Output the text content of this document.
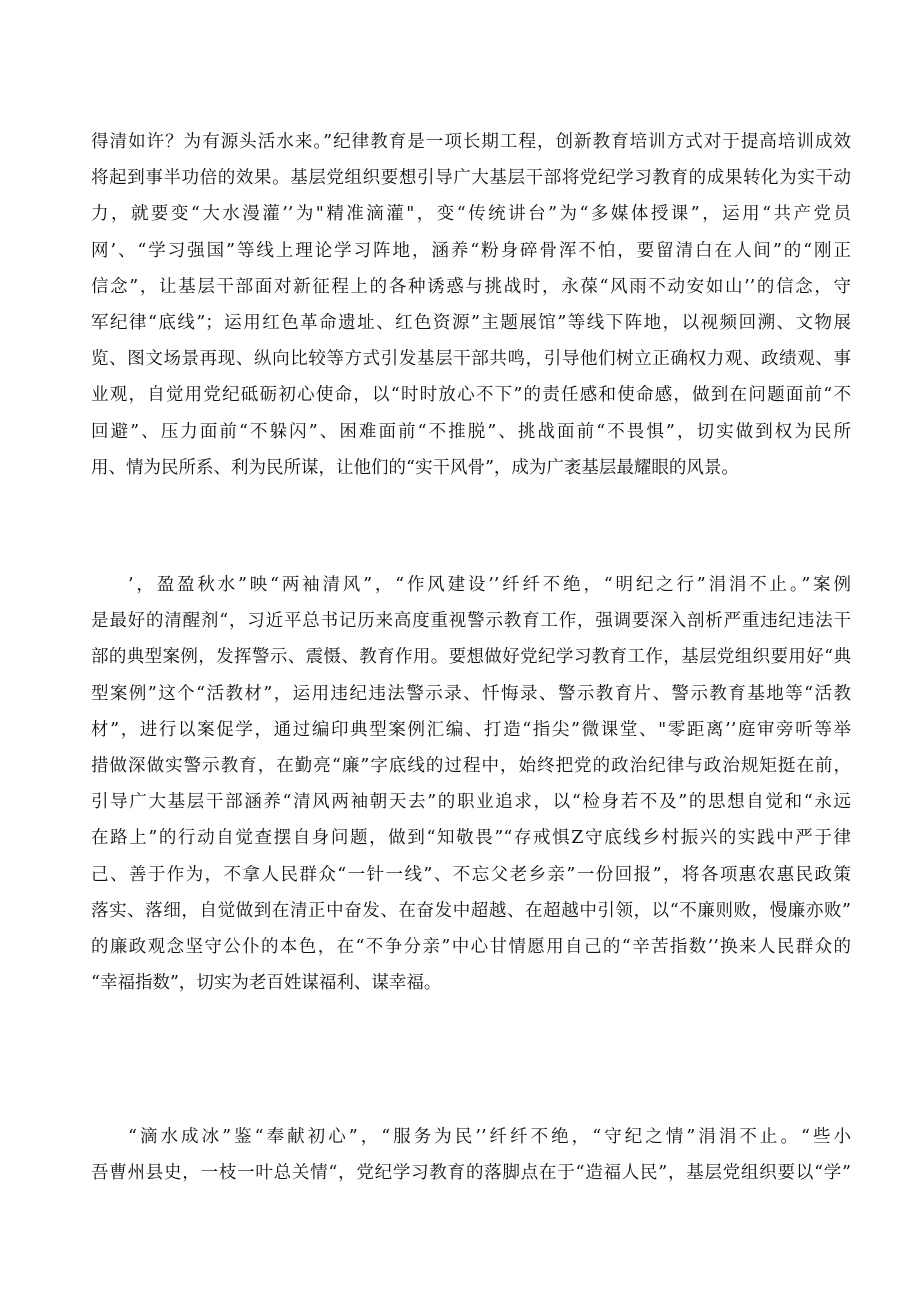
得清如许？为有源头活水来。”纪律教育是一项长期工程，创新教育培训方式对于提高培训成效
将起到事半功倍的效果。基层党组织要想引导广大基层干部将党纪学习教育的成果转化为实干动
力，就要变“大水漫灌’’为"精准滴灌"，变“传统讲台”为“多媒体授课”，运用“共产党员
网’、“学习强国”等线上理论学习阵地，涵养“粉身碎骨浑不怕，要留清白在人间”的“刚正
信念”，让基层干部面对新征程上的各种诱惑与挑战时，永葆“风雨不动安如山’’的信念，守
军纪律“底线”；运用红色革命遗址、红色资源”主题展馆”等线下阵地，以视频回溯、文物展
览、图文场景再现、纵向比较等方式引发基层干部共鸣，引导他们树立正确权力观、政绩观、事
业观，自觉用党纪砥砺初心使命，以“时时放心不下”的责任感和使命感，做到在问题面前“不
回避”、压力面前“不躲闪”、困难面前“不推脱”、挑战面前“不畏惧”，切实做到权为民所
用、情为民所系、利为民所谋，让他们的“实干风骨”，成为广袤基层最耀眼的风景。
’，盈盈秋水”映“两袖清风”，“作风建设’’纤纤不绝，“明纪之行”涓涓不止。”案例
是最好的清醒剂“，习近平总书记历来高度重视警示教育工作，强调要深入剖析严重违纪违法干
部的典型案例，发挥警示、震慑、教育作用。要想做好党纪学习教育工作，基层党组织要用好“典
型案例”这个“活教材”，运用违纪违法警示录、忏悔录、警示教育片、警示教育基地等“活教
材”，进行以案促学，通过编印典型案例汇编、打造“指尖”微课堂、"零距离’’庭审旁听等举
措做深做实警示教育，在勤亮“廉”字底线的过程中，始终把党的政治纪律与政治规矩挺在前，
引导广大基层干部涵养“清风两袖朝天去”的职业追求，以“检身若不及”的思想自觉和“永远
在路上”的行动自觉查摆自身问题，做到“知敬畏”“存戒惧Z守底线乡村振兴的实践中严于律
己、善于作为，不拿人民群众“一针一线”、不忘父老乡亲”一份回报”，将各项惠农惠民政策
落实、落细，自觉做到在清正中奋发、在奋发中超越、在超越中引领，以“不廉则败，慢廉亦败”
的廉政观念坚守公仆的本色，在“不争分亲”中心甘情愿用自己的“辛苦指数’’换来人民群众的
“幸福指数”，切实为老百姓谋福利、谋幸福。
“滴水成冰”鉴“奉献初心”，“服务为民’’纤纤不绝，“守纪之情”涓涓不止。“些小
吾曹州县史，一枝一叶总关情“，党纪学习教育的落脚点在于“造福人民”，基层党组织要以“学”
